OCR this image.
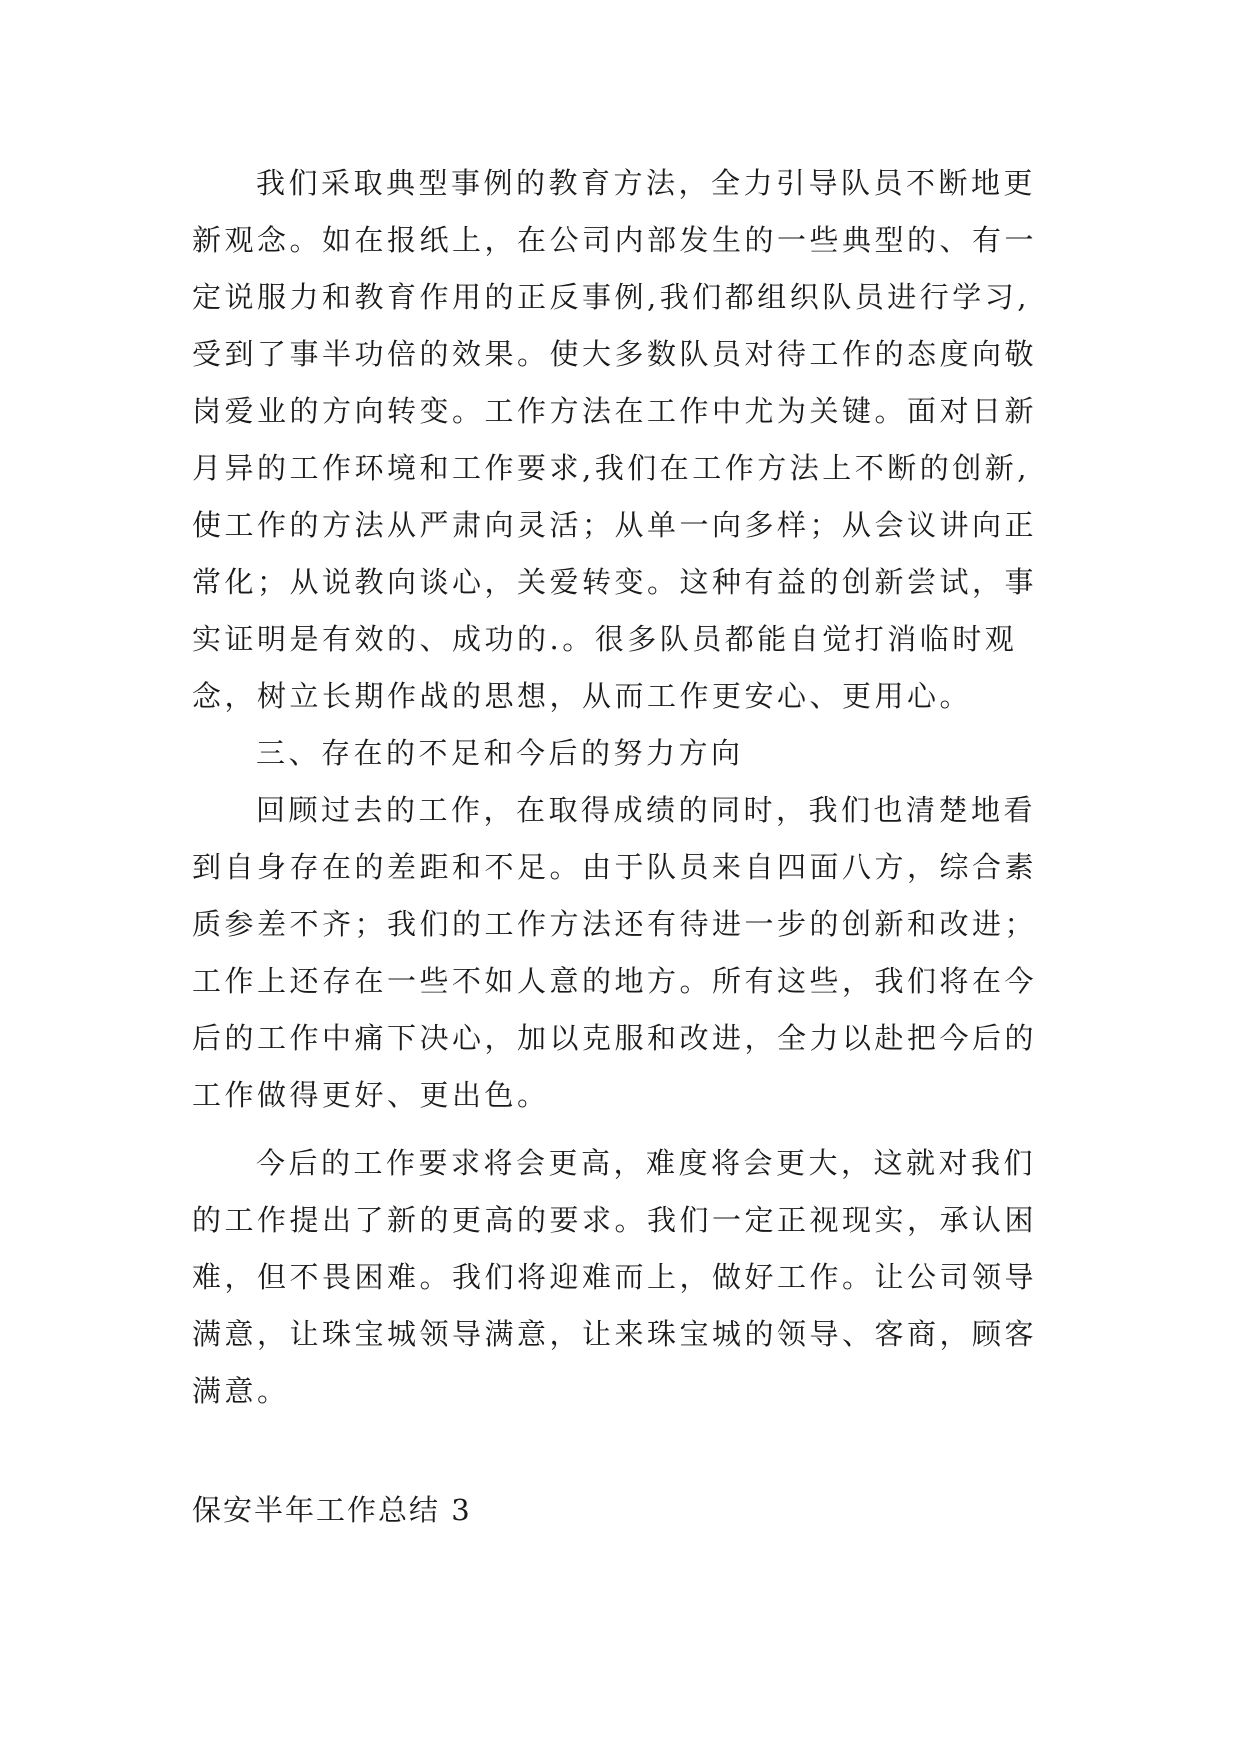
我们采取典型事例的教育方法，全力引导队员不断地更
新观念。如在报纸上，在公司内部发生的一些典型的、有一
定说服力和教育作用的正反事例,我们都组织队员进行学习,
受到了事半功倍的效果。使大多数队员对待工作的态度向敬
岗爱业的方向转变。工作方法在工作中尤为关键。面对日新
月异的工作环境和工作要求,我们在工作方法上不断的创新,
使工作的方法从严肃向灵活；从单一向多样；从会议讲向正
常化；从说教向谈心，关爱转变。这种有益的创新尝试，事
实证明是有效的、成功的.。很多队员都能自觉打消临时观
念，树立长期作战的思想，从而工作更安心、更用心。
三、存在的不足和今后的努力方向
回顾过去的工作，在取得成绩的同时，我们也清楚地看
到自身存在的差距和不足。由于队员来自四面八方，综合素
质参差不齐；我们的工作方法还有待进一步的创新和改进；
工作上还存在一些不如人意的地方。所有这些，我们将在今
后的工作中痛下决心，加以克服和改进，全力以赴把今后的
工作做得更好、更出色。
今后的工作要求将会更高，难度将会更大，这就对我们
的工作提出了新的更高的要求。我们一定正视现实，承认困
难，但不畏困难。我们将迎难而上，做好工作。让公司领导
满意，让珠宝城领导满意，让来珠宝城的领导、客商，顾客
满意。
保安半年工作总结 3
